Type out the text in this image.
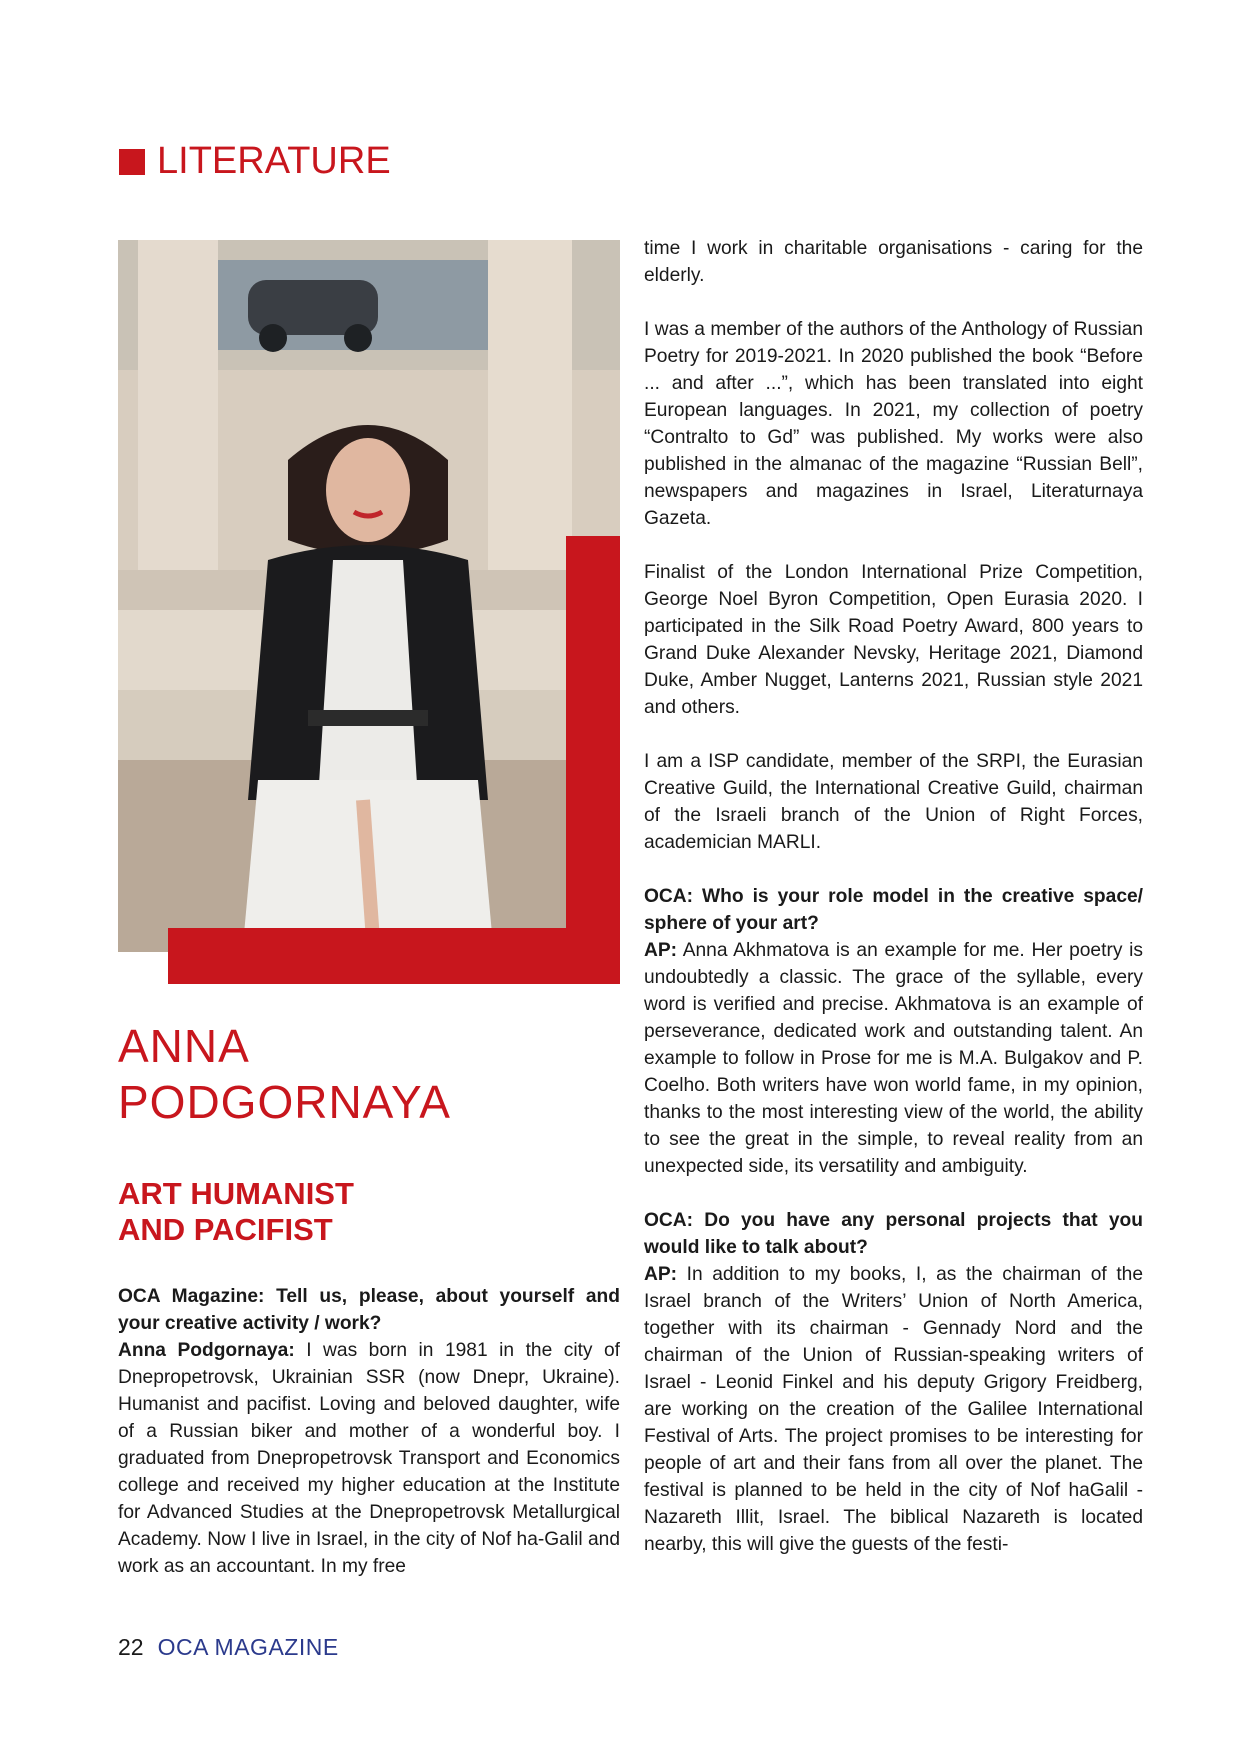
LITERATURE
ANNA
PODGORNAYA
ART HUMANIST
AND PACIFIST

OCA Magazine: Tell us, please, about yourself and your creative activity / work?

Anna Podgornaya: I was born in 1981 in the city of Dnepropetrovsk, Ukrainian SSR (now Dnepr, Ukraine). Humanist and pacifist. Loving and beloved daughter, wife of a Russian biker and mother of a wonderful boy. I graduated from Dnepropetrovsk Transport and Economics college and received my higher education at the Institute for Advanced Studies at the Dnepropetrovsk Metallurgical Academy. Now I live in Israel, in the city of Nof ha-Galil and work as an accountant. In my free

time I work in charitable organisations - caring for the elderly.

I was a member of the authors of the Anthology of Russian Poetry for 2019-2021. In 2020 published the book “Before ... and after ...”, which has been translated into eight European languages. In 2021, my collection of poetry “Contralto to Gd” was published. My works were also published in the almanac of the magazine “Russian Bell”, newspapers and magazines in Israel, Literaturnaya Gazeta.

Finalist of the London International Prize Competition, George Noel Byron Competition, Open Eurasia 2020. I participated in the Silk Road Poetry Award, 800 years to Grand Duke Alexander Nevsky, Heritage 2021, Diamond Duke, Amber Nugget, Lanterns 2021, Russian style 2021 and others.

I am a ISP candidate, member of the SRPI, the Eurasian Creative Guild, the International Creative Guild, chairman of the Israeli branch of the Union of Right Forces, academician MARLI.

OCA: Who is your role model in the creative space/ sphere of your art?

AP: Anna Akhmatova is an example for me. Her poetry is undoubtedly a classic. The grace of the syllable, every word is verified and precise. Akhmatova is an example of perseverance, dedicated work and outstanding talent. An example to follow in Prose for me is M.A. Bulgakov and P. Coelho. Both writers have won world fame, in my opinion, thanks to the most interesting view of the world, the ability to see the great in the simple, to reveal reality from an unexpected side, its versatility and ambiguity.

OCA: Do you have any personal projects that you would like to talk about?

AP: In addition to my books, I, as the chairman of the Israel branch of the Writers’ Union of North America, together with its chairman - Gennady Nord and the chairman of the Union of Russian-speaking writers of Israel - Leonid Finkel and his deputy Grigory Freidberg, are working on the creation of the Galilee International Festival of Arts. The project promises to be interesting for people of art and their fans from all over the planet. The festival is planned to be held in the city of Nof haGalil - Nazareth Illit, Israel. The biblical Nazareth is located nearby, this will give the guests of the festi-

22 OCA MAGAZINE
